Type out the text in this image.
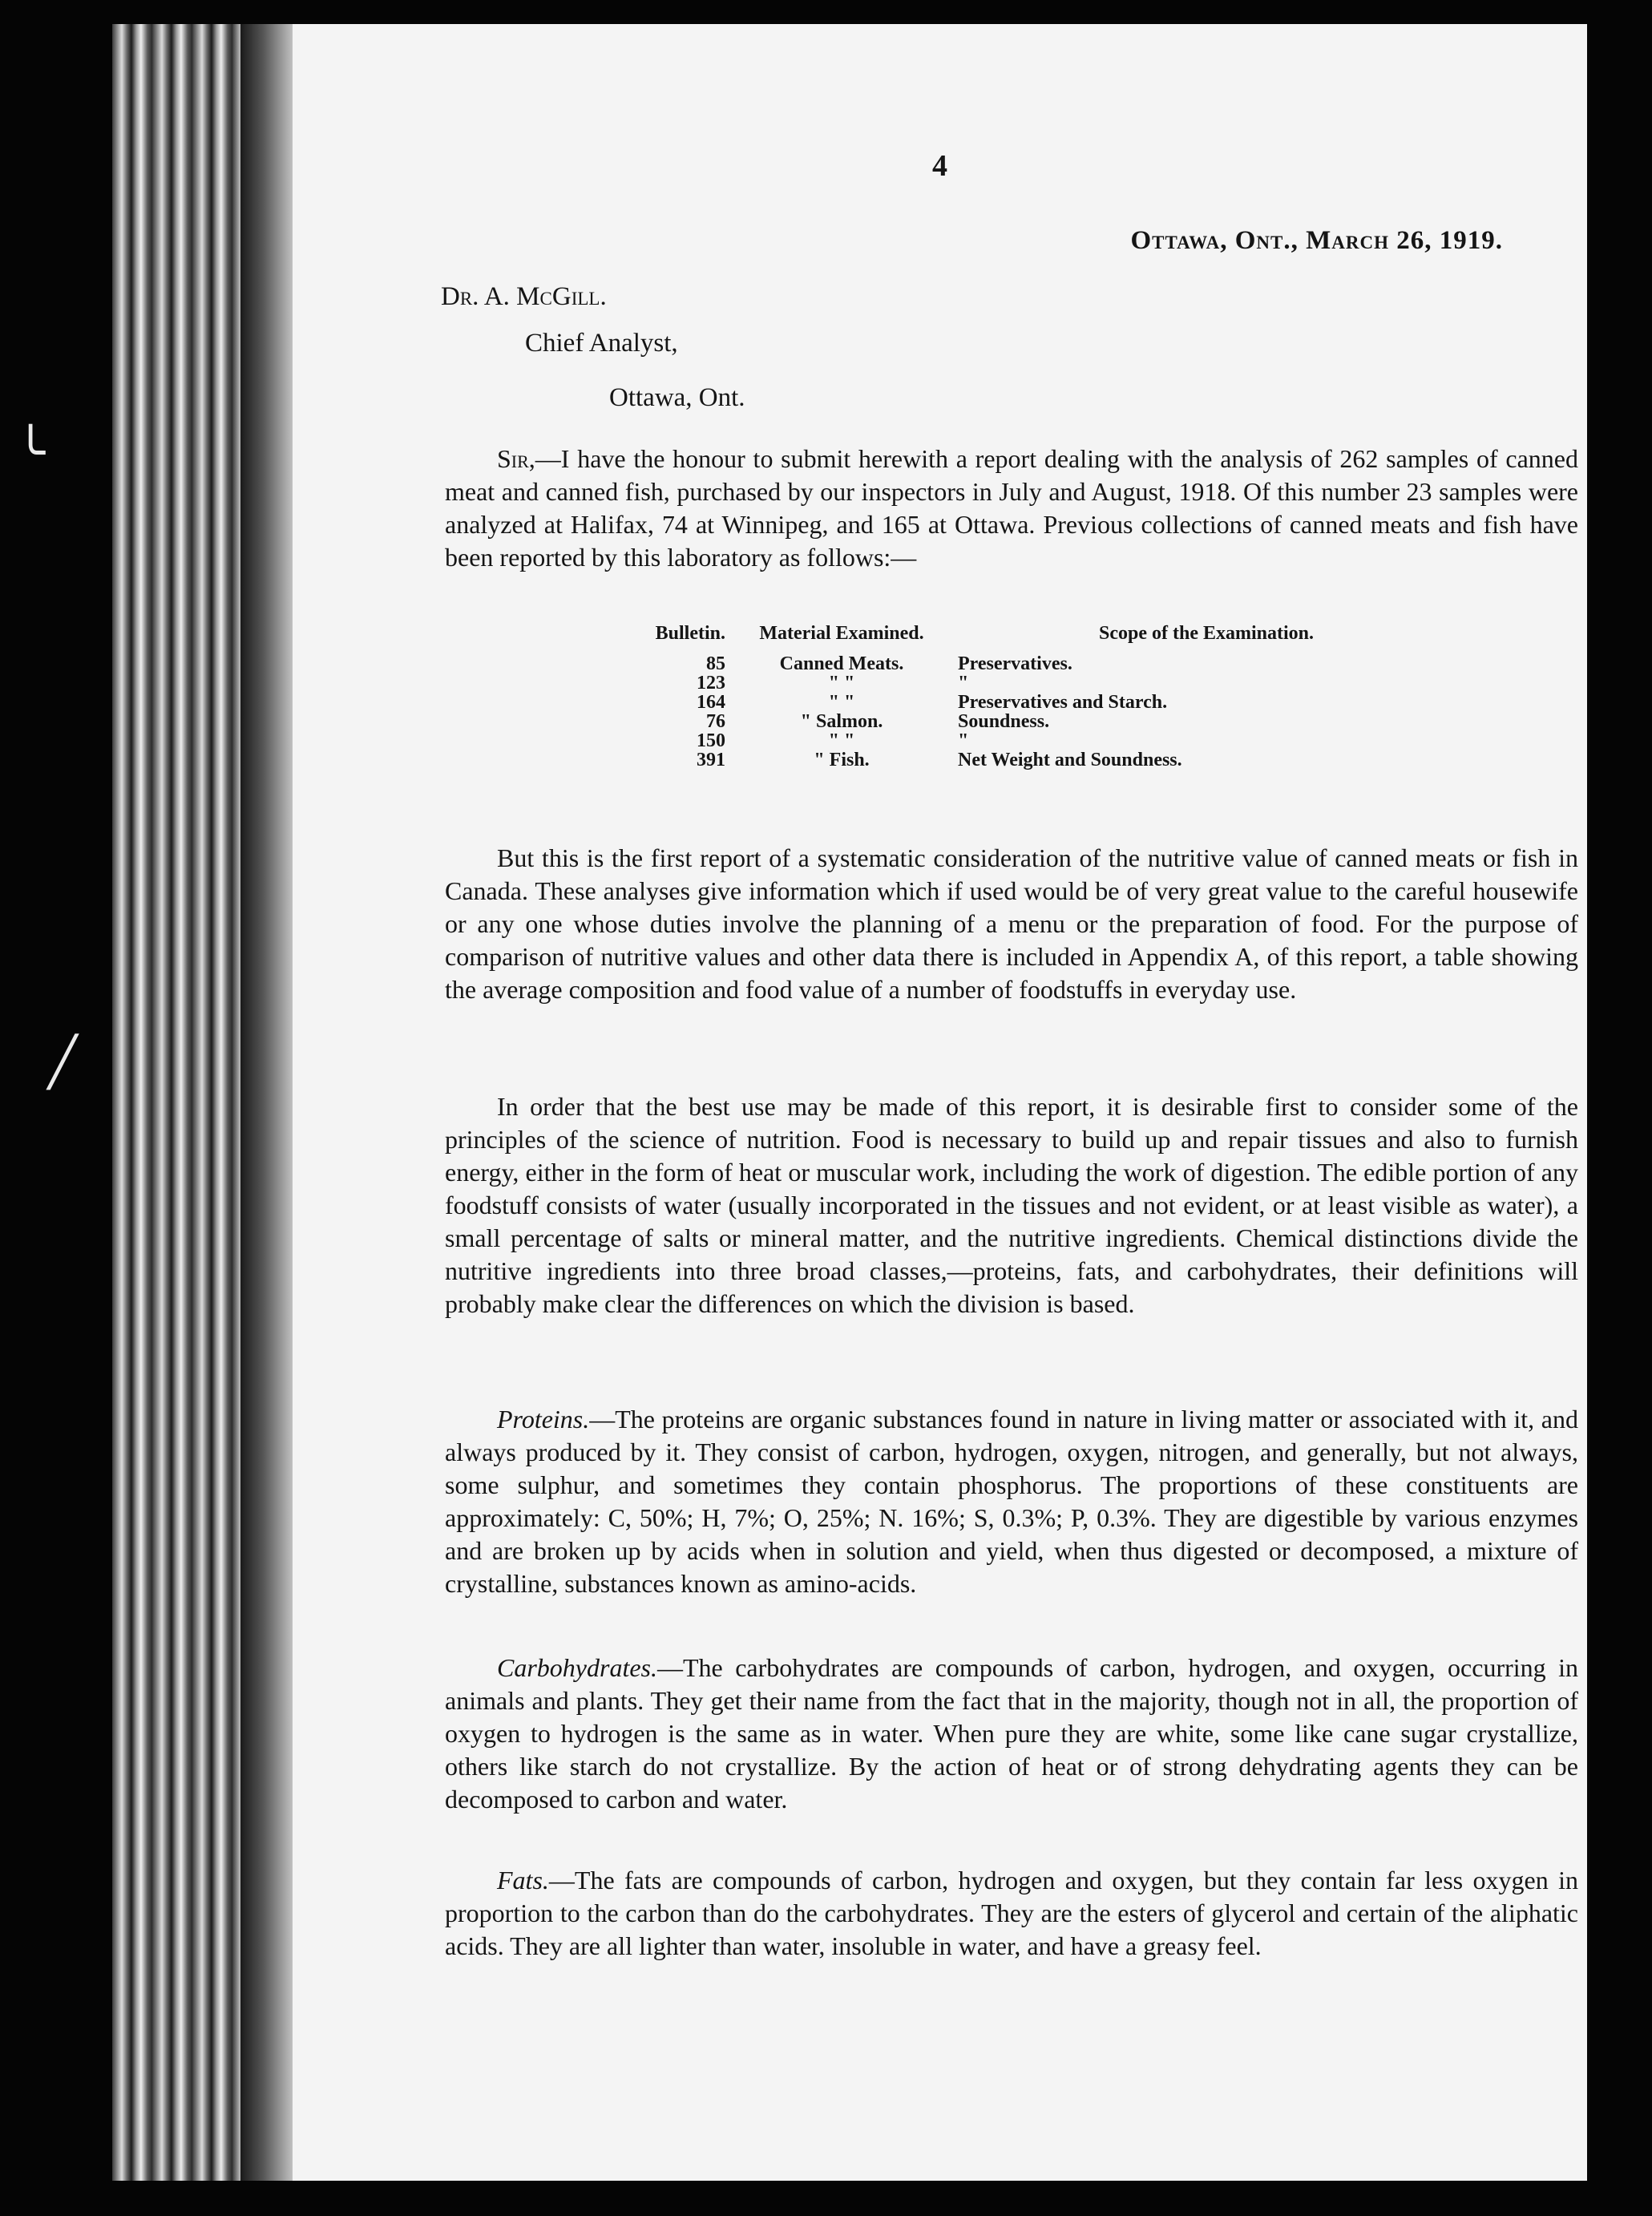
╰
╱
4
Ottawa, Ont., March 26, 1919.
Dr. A. McGill.
Chief Analyst,
Ottawa, Ont.
Sir,—I have the honour to submit herewith a report dealing with the analysis of 262 samples of canned meat and canned fish, purchased by our inspectors in July and August, 1918. Of this number 23 samples were analyzed at Halifax, 74 at Winnipeg, and 165 at Ottawa. Previous collections of canned meats and fish have been reported by this laboratory as follows:—
Bulletin.	Material Examined.	Scope of the Examination.
85	Canned Meats.	Preservatives.
123	" "	"
164	" "	Preservatives and Starch.
76	" Salmon.	Soundness.
150	" "	"
391	" Fish.	Net Weight and Soundness.
But this is the first report of a systematic consideration of the nutritive value of canned meats or fish in Canada. These analyses give information which if used would be of very great value to the careful housewife or any one whose duties involve the planning of a menu or the preparation of food. For the purpose of comparison of nutritive values and other data there is included in Appendix A, of this report, a table showing the average composition and food value of a number of foodstuffs in everyday use.
In order that the best use may be made of this report, it is desirable first to consider some of the principles of the science of nutrition. Food is necessary to build up and repair tissues and also to furnish energy, either in the form of heat or muscular work, including the work of digestion. The edible portion of any foodstuff consists of water (usually incorporated in the tissues and not evident, or at least visible as water), a small percentage of salts or mineral matter, and the nutritive ingredients. Chemical distinctions divide the nutritive ingredients into three broad classes,—proteins, fats, and carbohydrates, their definitions will probably make clear the differences on which the division is based.
Proteins.—The proteins are organic substances found in nature in living matter or associated with it, and always produced by it. They consist of carbon, hydrogen, oxygen, nitrogen, and generally, but not always, some sulphur, and sometimes they contain phosphorus. The proportions of these constituents are approximately: C, 50%; H, 7%; O, 25%; N. 16%; S, 0.3%; P, 0.3%. They are digestible by various enzymes and are broken up by acids when in solution and yield, when thus digested or decomposed, a mixture of crystalline, substances known as amino-acids.
Carbohydrates.—The carbohydrates are compounds of carbon, hydrogen, and oxygen, occurring in animals and plants. They get their name from the fact that in the majority, though not in all, the proportion of oxygen to hydrogen is the same as in water. When pure they are white, some like cane sugar crystallize, others like starch do not crystallize. By the action of heat or of strong dehydrating agents they can be decomposed to carbon and water.
Fats.—The fats are compounds of carbon, hydrogen and oxygen, but they contain far less oxygen in proportion to the carbon than do the carbohydrates. They are the esters of glycerol and certain of the aliphatic acids. They are all lighter than water, insoluble in water, and have a greasy feel.
